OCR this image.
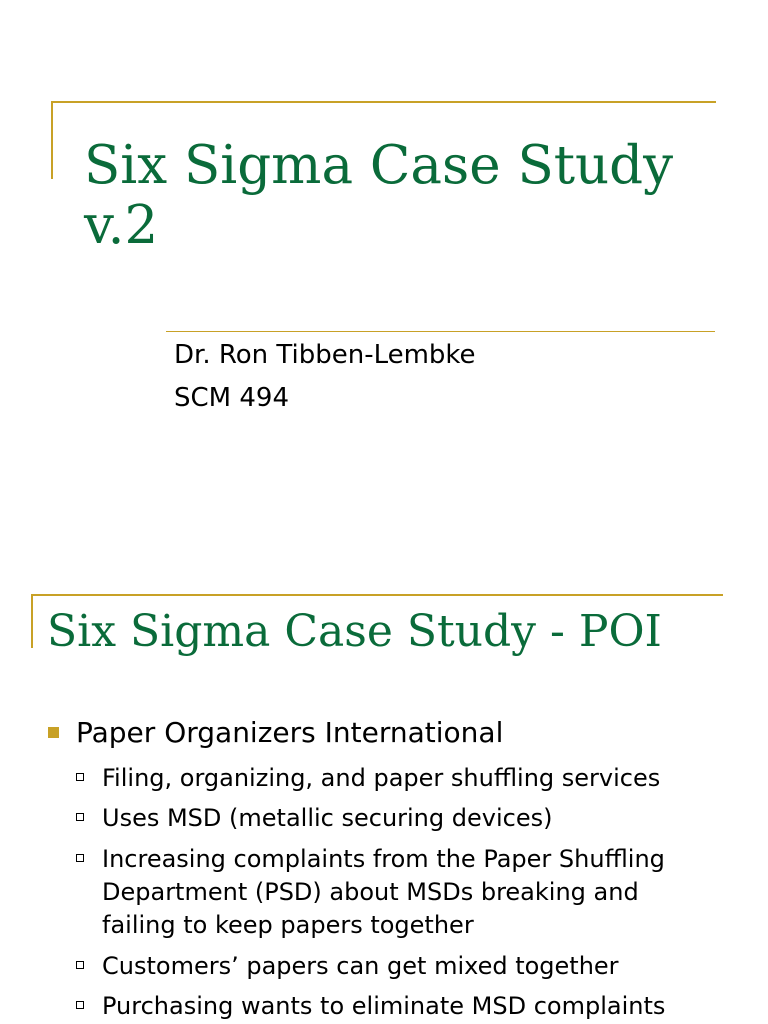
Six Sigma Case Study
v.2
Dr. Ron Tibben-Lembke
SCM 494
Six Sigma Case Study - POI
Paper Organizers International
Filing, organizing, and paper shuffling services
Uses MSD (metallic securing devices)
Increasing complaints from the Paper Shuffling Department (PSD) about MSDs breaking and failing to keep papers together
Customers’ papers can get mixed together
Purchasing wants to eliminate MSD complaints
